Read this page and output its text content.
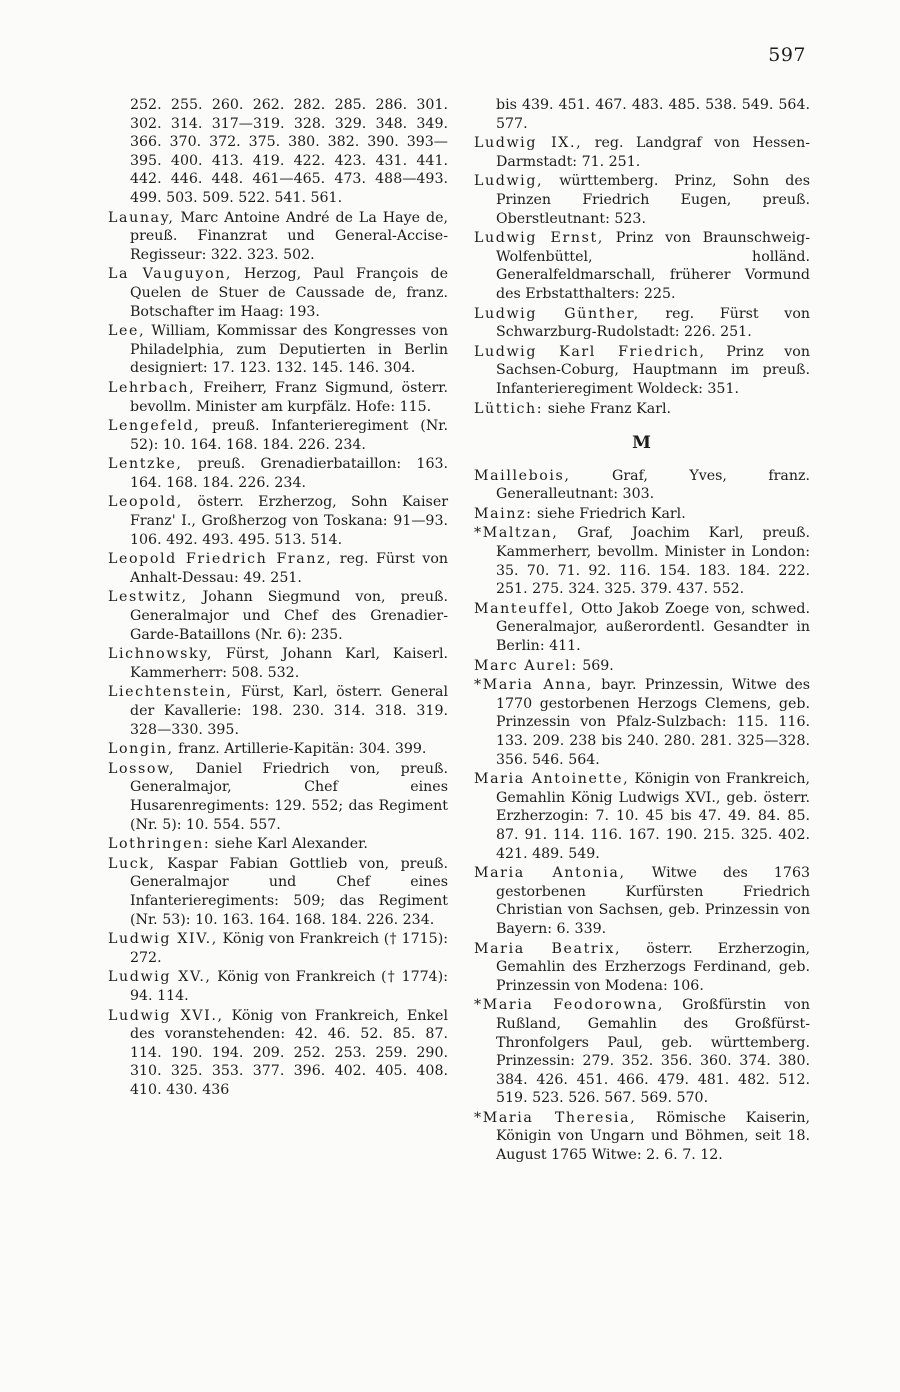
597
252. 255. 260. 262. 282. 285. 286. 301. 302. 314. 317—319. 328. 329. 348. 349. 366. 370. 372. 375. 380. 382. 390. 393—395. 400. 413. 419. 422. 423. 431. 441. 442. 446. 448. 461—465. 473. 488—493. 499. 503. 509. 522. 541. 561.
Launay, Marc Antoine André de La Haye de, preuß. Finanzrat und General-Accise-Regisseur: 322. 323. 502.
La Vauguyon, Herzog, Paul François de Quelen de Stuer de Caussade de, franz. Botschafter im Haag: 193.
Lee, William, Kommissar des Kongresses von Philadelphia, zum Deputierten in Berlin designiert: 17. 123. 132. 145. 146. 304.
Lehrbach, Freiherr, Franz Sigmund, österr. bevollm. Minister am kurpfälz. Hofe: 115.
Lengefeld, preuß. Infanterieregiment (Nr. 52): 10. 164. 168. 184. 226. 234.
Lentzke, preuß. Grenadierbataillon: 163. 164. 168. 184. 226. 234.
Leopold, österr. Erzherzog, Sohn Kaiser Franz' I., Großherzog von Toskana: 91—93. 106. 492. 493. 495. 513. 514.
Leopold Friedrich Franz, reg. Fürst von Anhalt-Dessau: 49. 251.
Lestwitz, Johann Siegmund von, preuß. Generalmajor und Chef des Grenadier-Garde-Bataillons (Nr. 6): 235.
Lichnowsky, Fürst, Johann Karl, Kaiserl. Kammerherr: 508. 532.
Liechtenstein, Fürst, Karl, österr. General der Kavallerie: 198. 230. 314. 318. 319. 328—330. 395.
Longin, franz. Artillerie-Kapitän: 304. 399.
Lossow, Daniel Friedrich von, preuß. Generalmajor, Chef eines Husarenregiments: 129. 552; das Regiment (Nr. 5): 10. 554. 557.
Lothringen: siehe Karl Alexander.
Luck, Kaspar Fabian Gottlieb von, preuß. Generalmajor und Chef eines Infanterieregiments: 509; das Regiment (Nr. 53): 10. 163. 164. 168. 184. 226. 234.
Ludwig XIV., König von Frankreich († 1715): 272.
Ludwig XV., König von Frankreich († 1774): 94. 114.
Ludwig XVI., König von Frankreich, Enkel des voranstehenden: 42. 46. 52. 85. 87. 114. 190. 194. 209. 252. 253. 259. 290. 310. 325. 353. 377. 396. 402. 405. 408. 410. 430. 436
bis 439. 451. 467. 483. 485. 538. 549. 564. 577.
Ludwig IX., reg. Landgraf von Hessen-Darmstadt: 71. 251.
Ludwig, württemberg. Prinz, Sohn des Prinzen Friedrich Eugen, preuß. Oberstleutnant: 523.
Ludwig Ernst, Prinz von Braunschweig-Wolfenbüttel, holländ. Generalfeldmarschall, früherer Vormund des Erbstatthalters: 225.
Ludwig Günther, reg. Fürst von Schwarzburg-Rudolstadt: 226. 251.
Ludwig Karl Friedrich, Prinz von Sachsen-Coburg, Hauptmann im preuß. Infanterieregiment Woldeck: 351.
Lüttich: siehe Franz Karl.
M
Maillebois,	Graf, Yves, franz. Generalleutnant: 303.
Mainz: siehe Friedrich Karl.
*Maltzan, Graf, Joachim Karl, preuß. Kammerherr, bevollm. Minister in London: 35. 70. 71. 92. 116. 154. 183. 184. 222. 251. 275. 324. 325. 379. 437. 552.
Manteuffel, Otto Jakob Zoege von, schwed. Generalmajor, außerordentl. Gesandter in Berlin: 411.
Marc Aurel: 569.
*Maria Anna, bayr. Prinzessin, Witwe des 1770 gestorbenen Herzogs Clemens, geb. Prinzessin von Pfalz-Sulzbach: 115. 116. 133. 209. 238 bis 240. 280. 281. 325—328. 356. 546. 564.
Maria Antoinette, Königin von Frankreich, Gemahlin König Ludwigs XVI., geb. österr. Erzherzogin: 7. 10. 45 bis 47. 49. 84. 85. 87. 91. 114. 116. 167. 190. 215. 325. 402. 421. 489. 549.
Maria Antonia, Witwe des 1763 gestorbenen Kurfürsten Friedrich Christian von Sachsen, geb. Prinzessin von Bayern: 6. 339.
Maria Beatrix, österr. Erzherzogin, Gemahlin des Erzherzogs Ferdinand, geb. Prinzessin von Modena: 106.
*Maria Feodorowna, Großfürstin von Rußland, Gemahlin des Großfürst-Thronfolgers Paul, geb. württemberg. Prinzessin: 279. 352. 356. 360. 374. 380. 384. 426. 451. 466. 479. 481. 482. 512. 519. 523. 526. 567. 569. 570.
*Maria Theresia, Römische Kaiserin, Königin von Ungarn und Böhmen, seit 18. August 1765 Witwe: 2. 6. 7. 12.
